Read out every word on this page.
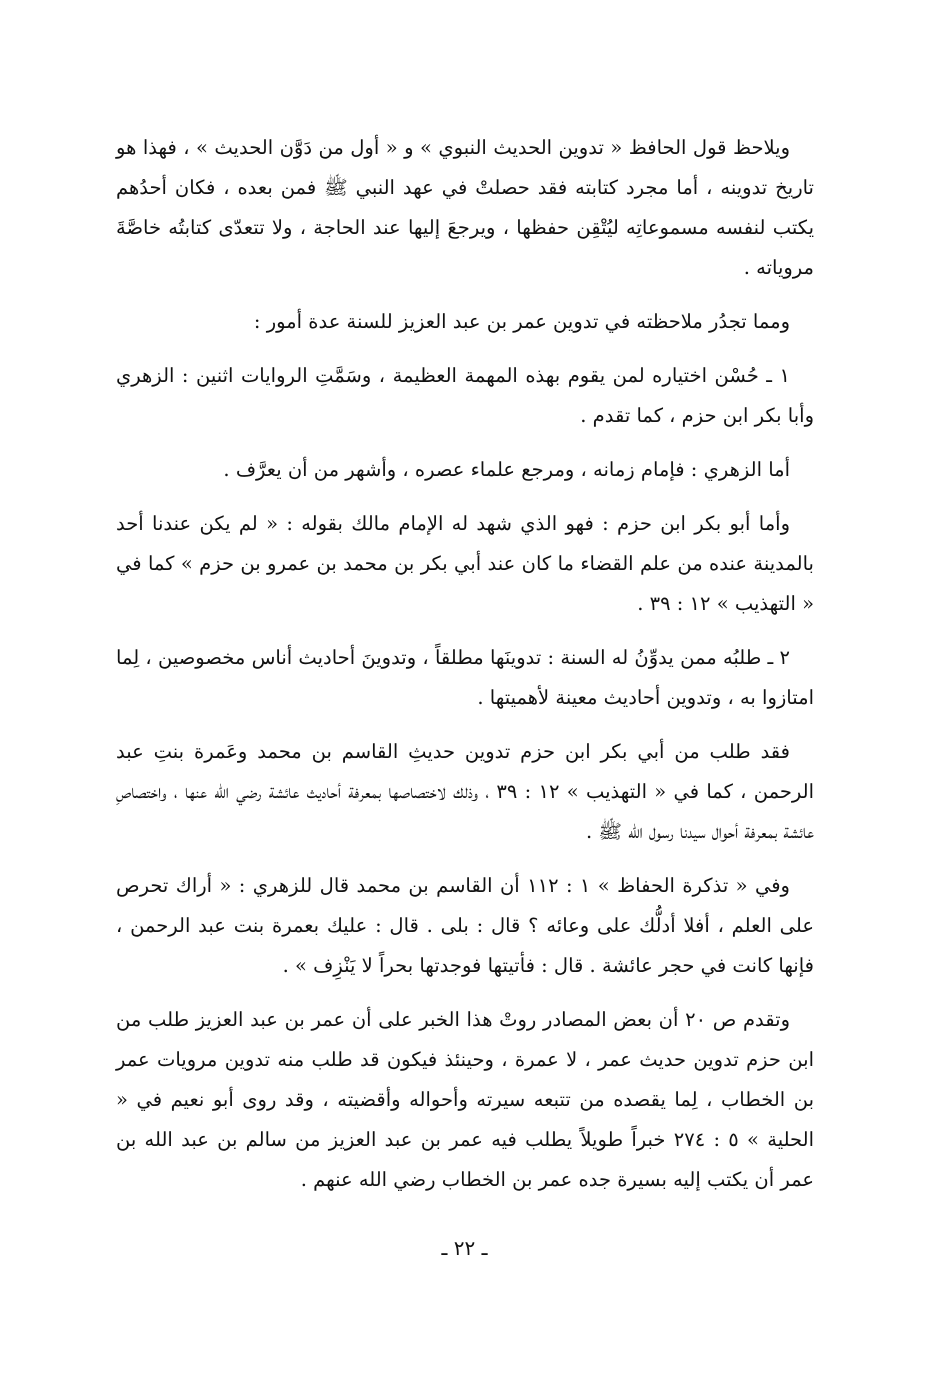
ويلاحظ قول الحافظ « تدوين الحديث النبوي » و « أول من دَوَّن الحديث » ، فهذا هو تاريخ تدوينه ، أما مجرد كتابته فقد حصلتْ في عهد النبي ﷺ فمن بعده ، فكان أحدُهم يكتب لنفسه مسموعاتِه ليُتْقِن حفظها ، ويرجعَ إليها عند الحاجة ، ولا تتعدّى كتابتُه خاصَّةَ مروياته .

ومما تجدُر ملاحظته في تدوين عمر بن عبد العزيز للسنة عدة أمور :

١ ـ حُسْن اختياره لمن يقوم بهذه المهمة العظيمة ، وسَمَّتِ الروايات اثنين : الزهري وأبا بكر ابن حزم ، كما تقدم .

أما الزهري : فإمام زمانه ، ومرجع علماء عصره ، وأشهر من أن يعرَّف .

وأما أبو بكر ابن حزم : فهو الذي شهد له الإمام مالك بقوله : « لم يكن عندنا أحد بالمدينة عنده من علم القضاء ما كان عند أبي بكر بن محمد بن عمرو بن حزم » كما في « التهذيب » ١٢ : ٣٩ .

٢ ـ طلبُه ممن يدوِّنُ له السنة : تدوينَها مطلقاً ، وتدوينَ أحاديث أناس مخصوصين ، لِما امتازوا به ، وتدوين أحاديث معينة لأهميتها .

فقد طلب من أبي بكر ابن حزم تدوين حديثِ القاسم بن محمد وعَمرة بنتِ عبد الرحمن ، كما في « التهذيب » ١٢ : ٣٩ ، وذلك لاختصاصها بمعرفة أحاديث عائشة رضي الله عنها ، واختصاصِ عائشة بمعرفة أحوال سيدنا رسول الله ﷺ .

وفي « تذكرة الحفاظ » ١ : ١١٢ أن القاسم بن محمد قال للزهري : « أراك تحرص على العلم ، أفلا أدلُّك على وعائه ؟ قال : بلى . قال : عليك بعمرة بنت عبد الرحمن ، فإنها كانت في حجر عائشة . قال : فأتيتها فوجدتها بحراً لا يَنْزِف » .

وتقدم ص ٢٠ أن بعض المصادر روتْ هذا الخبر على أن عمر بن عبد العزيز طلب من ابن حزم تدوين حديث عمر ، لا عمرة ، وحينئذ فيكون قد طلب منه تدوين مرويات عمر بن الخطاب ، لِما يقصده من تتبعه سيرته وأحواله وأقضيته ، وقد روى أبو نعيم في « الحلية » ٥ : ٢٧٤ خبراً طويلاً يطلب فيه عمر بن عبد العزيز من سالم بن عبد الله بن عمر أن يكتب إليه بسيرة جده عمر بن الخطاب رضي الله عنهم .

ـ ٢٢ ـ
